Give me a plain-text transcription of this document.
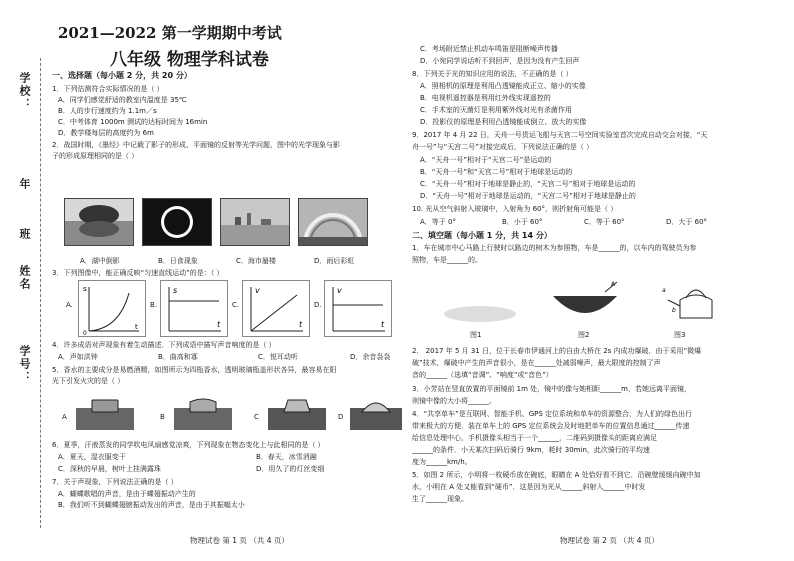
学校：
年
班
姓名
学号：
2021—2022 第一学期期中考试
八年级 物理学科试卷
一、选择题（每小题 2 分，共 20 分）
1．下列估测符合实际情况的是（ ）
A．同学们感觉舒适的教室内温度是 35℃
B．人的步行速度约为 1.1m／s
C．中考体育 1000m 测试的达标时间为 16min
D．教学楼每层的高度约为 6m
2．战国时期，《墨经》中记载了影子的形成、平面镜的反射等光学问题，图中的光学现象与影
子的形成原理相同的是（ ）
A．湖中倒影	B．日食现象	C．海市蜃楼	D．雨后彩虹
3．下列图像中，能正确反映“匀速直线运动”的是：（ ）
A.
s
t
0
B.
s
t
C.
v
t
D.
v
t
4．许多成语对声现象有着生动描述．下列成语中描写声音响度的是（ ）
A．声如洪钟	B．曲高和寡	C．悦耳动听	D．余音袅袅
5．香水的主要成分是易燃酒精，如图所示为四瓶香水，透明玻璃瓶盖形状各异，最容易在阳
光下引发火灾的是（ ）
A	B	C	D
6．夏季，汗液蒸发的同学吹电风扇感觉凉爽，下列现象在物态变化上与此相同的是（ ）
A．夏天，湿衣服变干	B．春天，冰雪消融
C．深秋的早晨，树叶上挂满露珠	D．用久了的灯丝变细
7．关于声现象，下列说法正确的是（ ）
A．蝴蝶歌唱的声音，是由于蝶翅振动产生的
B．我们听不到蝴蝶翅膀振动发出的声音，是由于其振幅太小
物理试卷 第 1 页 （共 4 页）
C．考场附近禁止机动车鸣笛是阻断噪声传播
D．小宛同学说话听不到回声，是因为没有产生回声
8．下列关于光的知识应用的说法，不正确的是（ ）
A．照相机的原理是利用凸透镜能成正立、缩小的实像
B．电视机遥控器是利用红外线实现遥控的
C．手术室的灭菌灯是利用紫外线对光有杀菌作用
D．投影仪的原理是利用凸透镜能成倒立、放大的实像
9．2017 年 4 月 22 日，天舟一号货运飞船与天宫二号空间实验室首次完成自动交会对接，“天
舟一号”与“天宫二号”对接完成后，下列说法正确的是（ ）
A．“天舟一号”相对于“天宫二号”是运动的
B．“天舟一号”和“天宫二号”相对于地球是运动的
C．“天舟一号”相对于地球是静止的，“天宫二号”相对于地球是运动的
D．“天舟一号”相对于地球是运动的，“天宫二号”相对于地球是静止的
10. 光从空气斜射入玻璃中，入射角为 60°，则折射角可能是（ ）
A．等于 0°	B．小于 60°	C．等于 60°	D．大于 60°
二、填空题（每小题 1 分，共 14 分）
1．车在城市中心马路上行驶时以路边的树木为参照物，车是______的，以车内的驾驶员为参
照物，车是______的。
A
a
b
图1	图2	图3
2． 2017 年 5 月 31 日，位于长春市伊通河上的自由大桥在 2s 内成功爆破．由于采用“微爆
破”技术，爆破中产生的声音很小，是在______处减弱噪声，最大限度的控制了声
音的______（选填“音调”、“响度”或“音色”）
3．小芳站在竖直放置的平面镜前 1m 处，镜中的像与她相距______m，若她远离平面镜，
则镜中像的大小将______。
4．“共享单车”是互联网、智能手机、GPS 定位系统和单车的资源整合，为人们的绿色出行
带来极大的方便．装在单车上的 GPS 定位系统会及时地把单车的位置信息通过______传递
给信息处理中心，手机摄像头相当于一个______，二维码到摄像头的距离应满足
______的条件．小天某次扫码后骑行 9km，耗时 30min，此次骑行的平均速
度为______km/h。
5．如图 2 所示，小明将一枚硬币放在碗底，眼睛在 A 处恰好看不到它．沿碗壁缓缓向碗中加
水，小明在 A 处又能看到“硬币”．这是因为光从______斜射入______中时发
生了______现象。
物理试卷 第 2 页 （共 4 页）
